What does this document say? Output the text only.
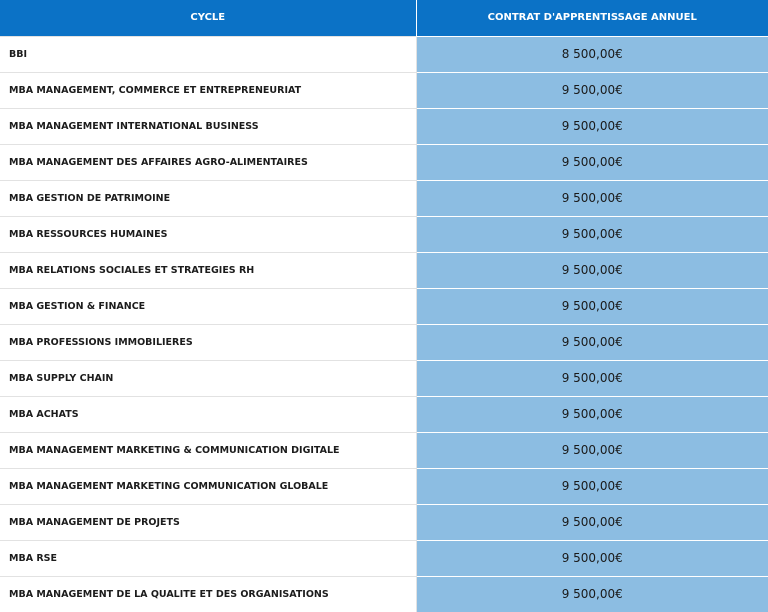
CYCLE	CONTRAT D'APPRENTISSAGE ANNUEL
BBI	8 500,00€
MBA MANAGEMENT, COMMERCE ET ENTREPRENEURIAT	9 500,00€
MBA MANAGEMENT INTERNATIONAL BUSINESS	9 500,00€
MBA MANAGEMENT DES AFFAIRES AGRO-ALIMENTAIRES	9 500,00€
MBA GESTION DE PATRIMOINE	9 500,00€
MBA RESSOURCES HUMAINES	9 500,00€
MBA RELATIONS SOCIALES ET STRATEGIES RH	9 500,00€
MBA GESTION & FINANCE	9 500,00€
MBA PROFESSIONS IMMOBILIERES	9 500,00€
MBA SUPPLY CHAIN	9 500,00€
MBA ACHATS	9 500,00€
MBA MANAGEMENT MARKETING & COMMUNICATION DIGITALE	9 500,00€
MBA MANAGEMENT MARKETING COMMUNICATION GLOBALE	9 500,00€
MBA MANAGEMENT DE PROJETS	9 500,00€
MBA RSE	9 500,00€
MBA MANAGEMENT DE LA QUALITE ET DES ORGANISATIONS	9 500,00€
